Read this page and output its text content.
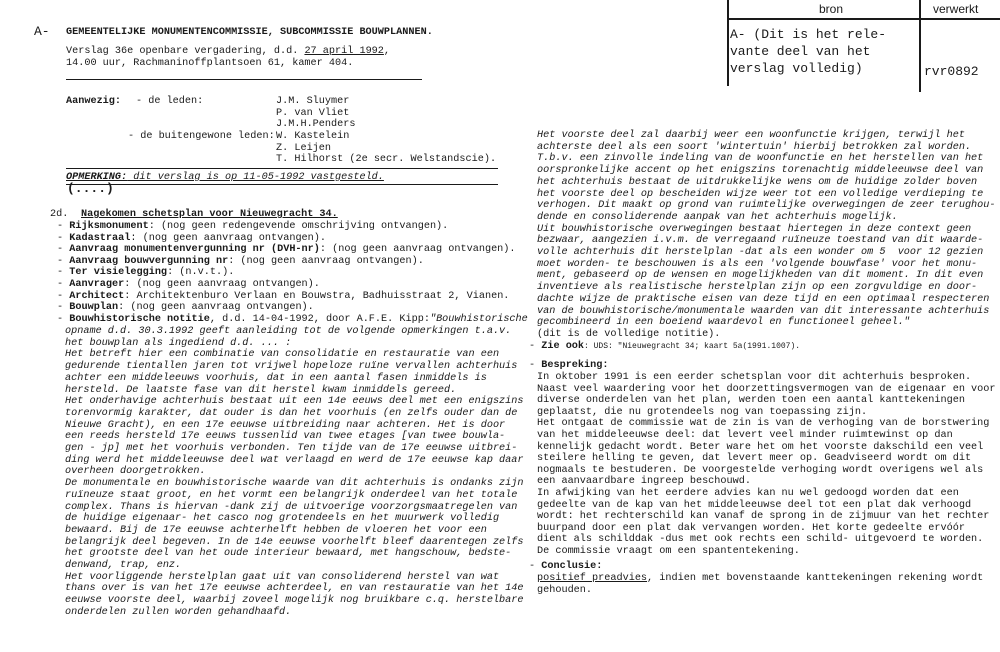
A- GEMEENTELIJKE MONUMENTENCOMMISSIE, SUBCOMMISSIE BOUWPLANNEN.
Verslag 36e openbare vergadering, d.d. 27 april 1992,
14.00 uur, Rachmaninoffplantsoen 61, kamer 404.
bron	verwerkt
A- (Dit is het rele-
vante deel van het
verslag volledig)	rvr0892
Aanwezig: - de leden:	J.M. Sluymer
P. van Vliet
J.M.H.Penders
- de buitengewone leden: W. Kastelein
Z. Leijen
T. Hilhorst (2e secr. Welstandscie).
OPMERKING: dit verslag is op 11-05-1992 vastgesteld.
(....)
2d. Nagekomen schetsplan voor Nieuwegracht 34.
- Rijksmonument: (nog geen redengevende omschrijving ontvangen).
- Kadastraal: (nog geen aanvraag ontvangen).
- Aanvraag monumentenvergunning nr (DVH-nr): (nog geen aanvraag ontvangen).
- Aanvraag bouwvergunning nr: (nog geen aanvraag ontvangen).
- Ter visielegging: (n.v.t.).
- Aanvrager: (nog geen aanvraag ontvangen).
- Architect: Architektenburo Verlaan en Bouwstra, Badhuisstraat 2, Vianen.
- Bouwplan: (nog geen aanvraag ontvangen).
- Bouwhistorische notitie, d.d. 14-04-1992, door A.F.E. Kipp:"Bouwhistorische
opname d.d. 30.3.1992 geeft aanleiding tot de volgende opmerkingen t.a.v.
het bouwplan als ingediend d.d. ... :
Het betreft hier een combinatie van consolidatie en restauratie van een
gedurende tientallen jaren tot vrijwel hopeloze ruïne vervallen achterhuis
achter een middeleeuws voorhuis, dat in een aantal fasen inmiddels is
hersteld. De laatste fase van dit herstel kwam inmiddels gereed.
Het onderhavige achterhuis bestaat uit een 14e eeuws deel met een enigszins
torenvormig karakter, dat ouder is dan het voorhuis (en zelfs ouder dan de
Nieuwe Gracht), en een 17e eeuwse uitbreiding naar achteren. Het is door
een reeds hersteld 17e eeuws tussenlid van twee etages [van twee bouwla-
gen - jp] met het voorhuis verbonden. Ten tijde van de 17e eeuwse uitbrei-
ding werd het middeleeuwse deel wat verlaagd en werd de 17e eeuwse kap daar
overheen doorgetrokken.
De monumentale en bouwhistorische waarde van dit achterhuis is ondanks zijn
ruïneuze staat groot, en het vormt een belangrijk onderdeel van het totale
complex. Thans is hiervan -dank zij de uitvoerige voorzorgsmaatregelen van
de huidige eigenaar- het casco nog grotendeels en het muurwerk volledig
bewaard. Bij de 17e eeuwse achterhelft hebben de vloeren het voor een
belangrijk deel begeven. In de 14e eeuwse voorhelft bleef daarentegen zelfs
het grootste deel van het oude interieur bewaard, met hangschouw, bedste-
denwand, trap, enz.
Het voorliggende herstelplan gaat uit van consoliderend herstel van wat
thans over is van het 17e eeuwse achterdeel, en van restauratie van het 14e
eeuwse voorste deel, waarbij zoveel mogelijk nog bruikbare c.q. herstelbare
onderdelen zullen worden gehandhaafd.
Het voorste deel zal daarbij weer een woonfunctie krijgen, terwijl het
achterste deel als een soort 'wintertuin' hierbij betrokken zal worden.
T.b.v. een zinvolle indeling van de woonfunctie en het herstellen van het
oorspronkelijke accent op het enigszins torenachtig middeleeuwse deel van
het achterhuis bestaat de uitdrukkelijke wens om de huidige zolder boven
het voorste deel op bescheiden wijze weer tot een volledige verdieping te
verhogen. Dit maakt op grond van ruimtelijke overwegingen de zeer terughou-
dende en consoliderende aanpak van het achterhuis mogelijk.
Uit bouwhistorische overwegingen bestaat hiertegen in deze context geen
bezwaar, aangezien i.v.m. de verregaand ruïneuze toestand van dit waarde-
volle achterhuis dit herstelplan -dat als een wonder om 5  voor 12 gezien
moet worden- te beschouwen is als een 'volgende bouwfase' voor het monu-
ment, gebaseerd op de wensen en mogelijkheden van dit moment. In dit even
inventieve als realistische herstelplan zijn op een zorgvuldige en door-
dachte wijze de praktische eisen van deze tijd en een optimaal respecteren
van de bouwhistorische/monumentale waarden van dit interessante achterhuis
gecombineerd in een boeiend waardevol en functioneel geheel."
(dit is de volledige notitie).
- Zie ook: UDS: "Nieuwegracht 34; kaart 5a(1991.1007).
- Bespreking:
In oktober 1991 is een eerder schetsplan voor dit achterhuis besproken.
Naast veel waardering voor het doorzettingsvermogen van de eigenaar en voor
diverse onderdelen van het plan, werden toen een aantal kanttekeningen
geplaatst, die nu grotendeels nog van toepassing zijn.
Het ontgaat de commissie wat de zin is van de verhoging van de borstwering
van het middeleeuwse deel: dat levert veel minder ruimtewinst op dan
kennelijk gedacht wordt. Beter ware het om het voorste dakschild een veel
steilere helling te geven, dat levert meer op. Geadviseerd wordt om dit
nogmaals te bestuderen. De voorgestelde verhoging wordt overigens wel als
een aanvaardbare ingreep beschouwd.
In afwijking van het eerdere advies kan nu wel gedoogd worden dat een
gedeelte van de kap van het middeleeuwse deel tot een plat dak verhoogd
wordt: het rechterschild kan vanaf de sprong in de zijmuur van het rechter
buurpand door een plat dak vervangen worden. Het korte gedeelte ervóór
dient als schilddak -dus met ook rechts een schild- uitgevoerd te worden.
De commissie vraagt om een spantentekening.
- Conclusie:
positief preadvies, indien met bovenstaande kanttekeningen rekening wordt
gehouden.
